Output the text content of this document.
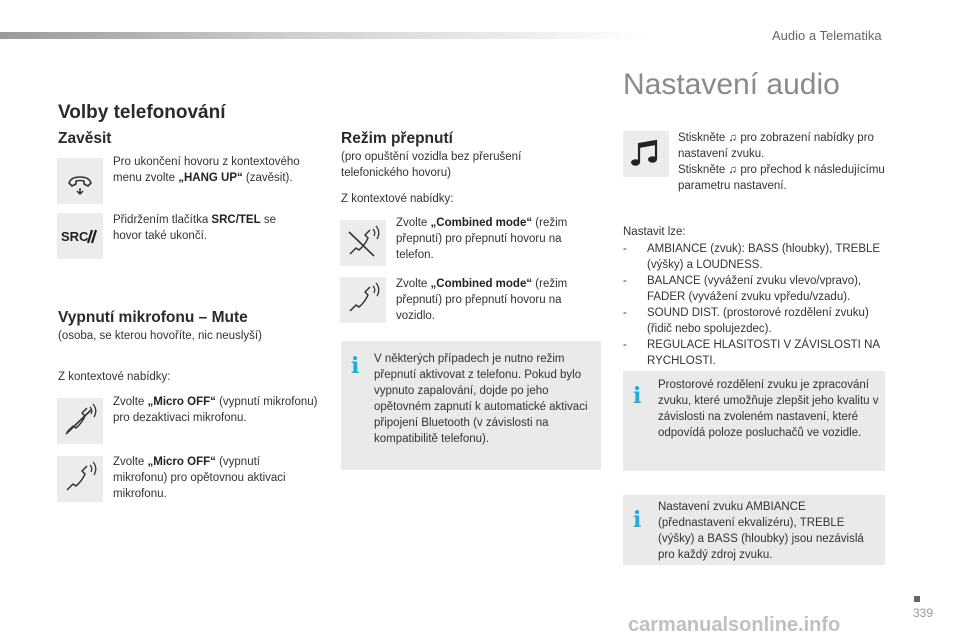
Audio a Telematika
Nastavení audio
Volby telefonování
Zavěsit
Pro ukončení hovoru z kontextového menu zvolte „HANG UP“ (zavěsit).
SRC
Přidržením tlačítka SRC/TEL se hovor také ukončí.
Vypnutí mikrofonu – Mute
(osoba, se kterou hovoříte, nic neuslyší)
Z kontextové nabídky:
Zvolte „Micro OFF“ (vypnutí mikrofonu) pro dezaktivaci mikrofonu.
Zvolte „Micro OFF“ (vypnutí mikrofonu) pro opětovnou aktivaci mikrofonu.
Režim přepnutí
(pro opuštění vozidla bez přerušení telefonického hovoru)
Z kontextové nabídky:
Zvolte „Combined mode“ (režim přepnutí) pro přepnutí hovoru na telefon.
Zvolte „Combined mode“ (režim přepnutí) pro přepnutí hovoru na vozidlo.
i	V některých případech je nutno režim přepnutí aktivovat z telefonu. Pokud bylo vypnuto zapalování, dojde po jeho opětovném zapnutí k automatické aktivaci připojení Bluetooth (v závislosti na kompatibilitě telefonu).
Stiskněte ♫ pro zobrazení nabídky pro nastavení zvuku.
Stiskněte ♫ pro přechod k následujícímu parametru nastavení.
Nastavit lze:
- AMBIANCE (zvuk): BASS (hloubky), TREBLE (výšky) a LOUDNESS.
- BALANCE (vyvážení zvuku vlevo/vpravo), FADER (vyvážení zvuku vpředu/vzadu).
- SOUND DIST. (prostorové rozdělení zvuku) (řidič nebo spolujezdec).
- REGULACE HLASITOSTI V ZÁVISLOSTI NA RYCHLOSTI.
i	Prostorové rozdělení zvuku je zpracování zvuku, které umožňuje zlepšit jeho kvalitu v závislosti na zvoleném nastavení, které odpovídá poloze posluchačů ve vozidle.
i	Nastavení zvuku AMBIANCE (přednastavení ekvalizéru), TREBLE (výšky) a BASS (hloubky) jsou nezávislá pro každý zdroj zvuku.
339
carmanualsonline.info
